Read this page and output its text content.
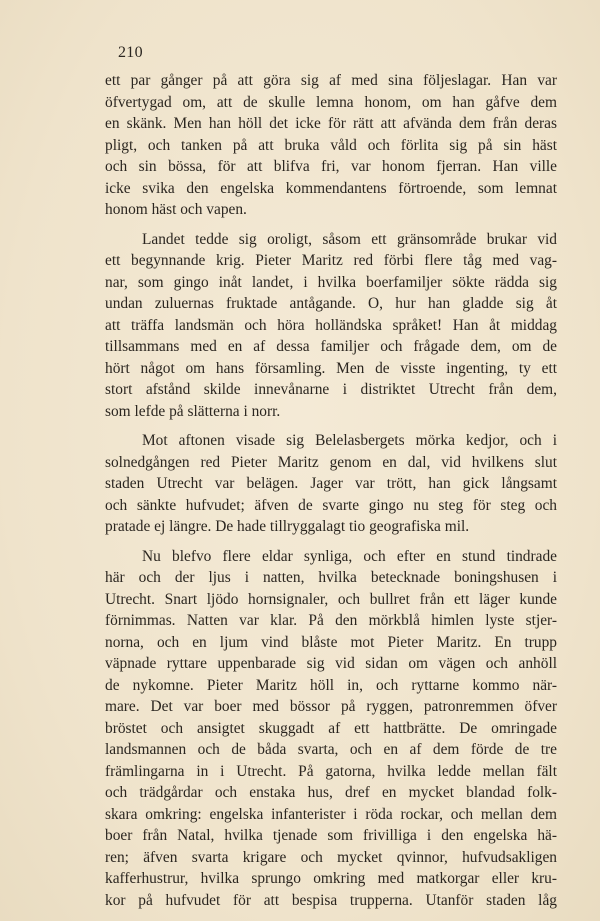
210
ett par gånger på att göra sig af med sina följeslagar. Han var
öfvertygad om, att de skulle lemna honom, om han gåfve dem
en skänk. Men han höll det icke för rätt att afvända dem från deras
pligt, och tanken på att bruka våld och förlita sig på sin häst
och sin bössa, för att blifva fri, var honom fjerran. Han ville
icke svika den engelska kommendantens förtroende, som lemnat
honom häst och vapen.
Landet tedde sig oroligt, såsom ett gränsområde brukar vid
ett begynnande krig. Pieter Maritz red förbi flere tåg med vag-
nar, som gingo inåt landet, i hvilka boerfamiljer sökte rädda sig
undan zuluernas fruktade antågande. O, hur han gladde sig åt
att träffa landsmän och höra holländska språket! Han åt middag
tillsammans med en af dessa familjer och frågade dem, om de
hört något om hans församling. Men de visste ingenting, ty ett
stort afstånd skilde innevånarne i distriktet Utrecht från dem,
som lefde på slätterna i norr.
Mot aftonen visade sig Belelasbergets mörka kedjor, och i
solnedgången red Pieter Maritz genom en dal, vid hvilkens slut
staden Utrecht var belägen. Jager var trött, han gick långsamt
och sänkte hufvudet; äfven de svarte gingo nu steg för steg och
pratade ej längre. De hade tillryggalagt tio geografiska mil.
Nu blefvo flere eldar synliga, och efter en stund tindrade
här och der ljus i natten, hvilka betecknade boningshusen i
Utrecht. Snart ljödo hornsignaler, och bullret från ett läger kunde
förnimmas. Natten var klar. På den mörkblå himlen lyste stjer-
norna, och en ljum vind blåste mot Pieter Maritz. En trupp
väpnade ryttare uppenbarade sig vid sidan om vägen och anhöll
de nykomne. Pieter Maritz höll in, och ryttarne kommo när-
mare. Det var boer med bössor på ryggen, patronremmen öfver
bröstet och ansigtet skuggadt af ett hattbrätte. De omringade
landsmannen och de båda svarta, och en af dem förde de tre
främlingarna in i Utrecht. På gatorna, hvilka ledde mellan fält
och trädgårdar och enstaka hus, dref en mycket blandad folk-
skara omkring: engelska infanterister i röda rockar, och mellan dem
boer från Natal, hvilka tjenade som frivilliga i den engelska hä-
ren; äfven svarta krigare och mycket qvinnor, hufvudsakligen
kafferhustrur, hvilka sprungo omkring med matkorgar eller kru-
kor på hufvudet för att bespisa trupperna. Utanför staden låg
